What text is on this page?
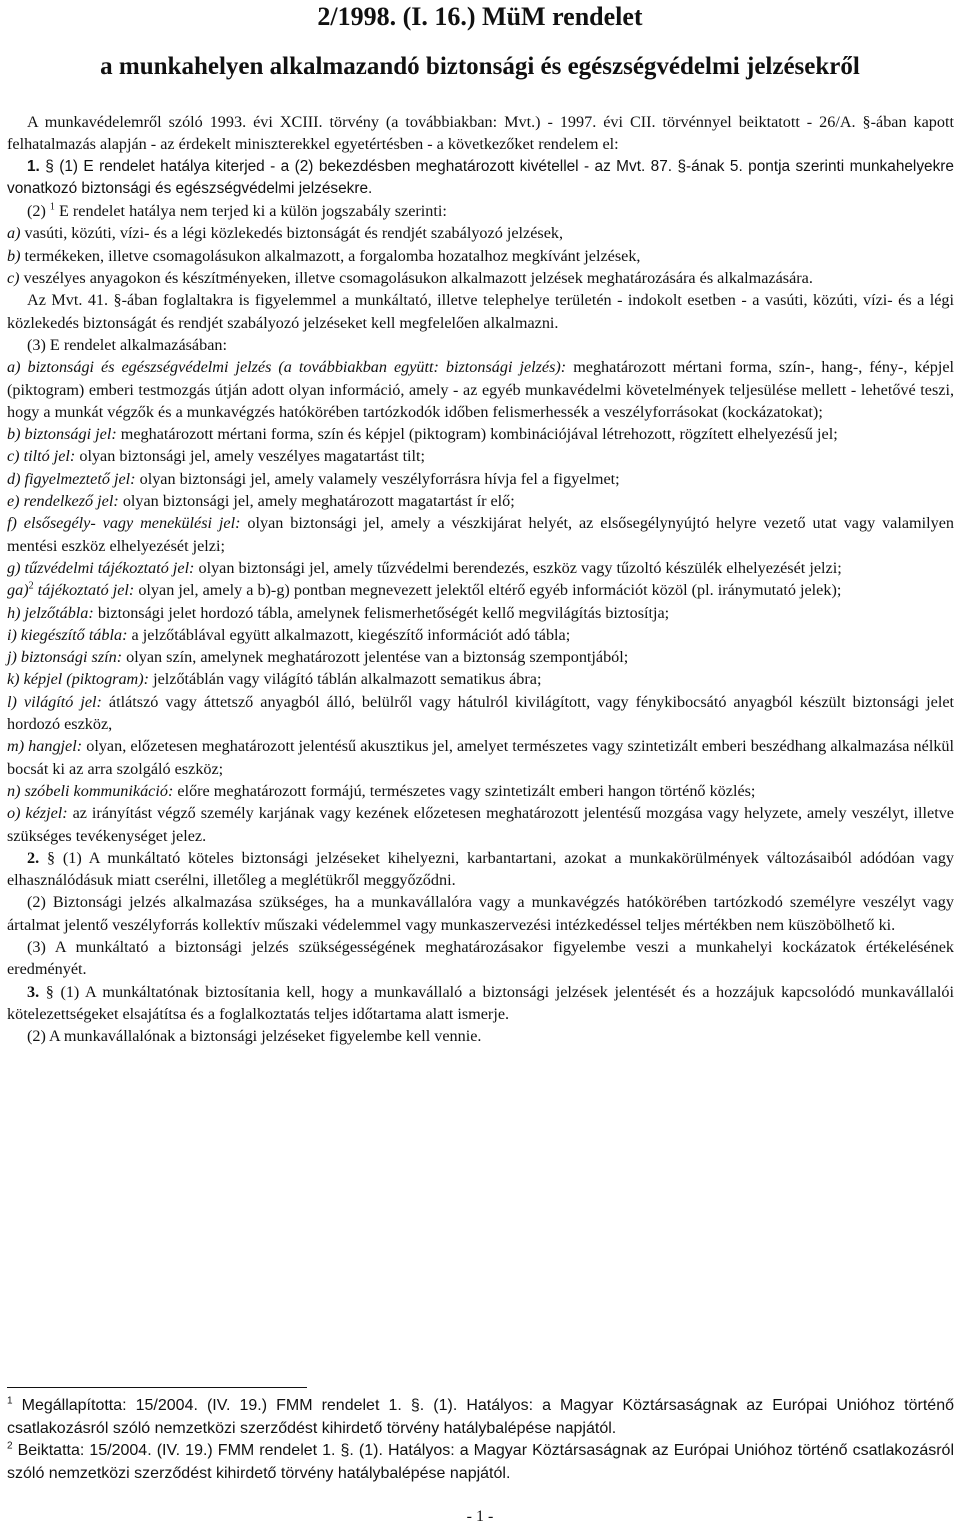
2/1998. (I. 16.) MüM rendelet
a munkahelyen alkalmazandó biztonsági és egészségvédelmi jelzésekről

A munkavédelemről szóló 1993. évi XCIII. törvény (a továbbiakban: Mvt.) - 1997. évi CII. törvénnyel beiktatott - 26/A. §-ában kapott felhatalmazás alapján - az érdekelt miniszterekkel egyetértésben - a következőket rendelem el:

1. § (1) E rendelet hatálya kiterjed - a (2) bekezdésben meghatározott kivétellel - az Mvt. 87. §-ának 5. pontja szerinti munkahelyekre vonatkozó biztonsági és egészségvédelmi jelzésekre.

(2) $^1$ E rendelet hatálya nem terjed ki a külön jogszabály szerinti:

a) vasúti, közúti, vízi- és a légi közlekedés biztonságát és rendjét szabályozó jelzések,

b) termékeken, illetve csomagolásukon alkalmazott, a forgalomba hozatalhoz megkívánt jelzések,

c) veszélyes anyagokon és készítményeken, illetve csomagolásukon alkalmazott jelzések meghatározására és alkalmazására.

Az Mvt. 41. §-ában foglaltakra is figyelemmel a munkáltató, illetve telephelye területén - indokolt esetben - a vasúti, közúti, vízi- és a légi közlekedés biztonságát és rendjét szabályozó jelzéseket kell megfelelően alkalmazni.

(3) E rendelet alkalmazásában:

a) biztonsági és egészségvédelmi jelzés (a továbbiakban együtt: biztonsági jelzés): meghatározott mértani forma, szín-, hang-, fény-, képjel (piktogram) emberi testmozgás útján adott olyan információ, amely - az egyéb munkavédelmi követelmények teljesülése mellett - lehetővé teszi, hogy a munkát végzők és a munkavégzés hatókörében tartózkodók időben felismerhessék a veszélyforrásokat (kockázatokat);

b) biztonsági jel: meghatározott mértani forma, szín és képjel (piktogram) kombinációjával létrehozott, rögzített elhelyezésű jel;

c) tiltó jel: olyan biztonsági jel, amely veszélyes magatartást tilt;

d) figyelmeztető jel: olyan biztonsági jel, amely valamely veszélyforrásra hívja fel a figyelmet;

e) rendelkező jel: olyan biztonsági jel, amely meghatározott magatartást ír elő;

f) elsősegély- vagy menekülési jel: olyan biztonsági jel, amely a vészkijárat helyét, az elsősegélynyújtó helyre vezető utat vagy valamilyen mentési eszköz elhelyezését jelzi;

g) tűzvédelmi tájékoztató jel: olyan biztonsági jel, amely tűzvédelmi berendezés, eszköz vagy tűzoltó készülék elhelyezését jelzi;

ga)$^2$ tájékoztató jel: olyan jel, amely a b)-g) pontban megnevezett jelektől eltérő egyéb információt közöl (pl. iránymutató jelek);

h) jelzőtábla: biztonsági jelet hordozó tábla, amelynek felismerhetőségét kellő megvilágítás biztosítja;

i) kiegészítő tábla: a jelzőtáblával együtt alkalmazott, kiegészítő információt adó tábla;

j) biztonsági szín: olyan szín, amelynek meghatározott jelentése van a biztonság szempontjából;

k) képjel (piktogram): jelzőtáblán vagy világító táblán alkalmazott sematikus ábra;

l) világító jel: átlátszó vagy áttetsző anyagból álló, belülről vagy hátulról kivilágított, vagy fénykibocsátó anyagból készült biztonsági jelet hordozó eszköz,

m) hangjel: olyan, előzetesen meghatározott jelentésű akusztikus jel, amelyet természetes vagy szintetizált emberi beszédhang alkalmazása nélkül bocsát ki az arra szolgáló eszköz;

n) szóbeli kommunikáció: előre meghatározott formájú, természetes vagy szintetizált emberi hangon történő közlés;

o) kézjel: az irányítást végző személy karjának vagy kezének előzetesen meghatározott jelentésű mozgása vagy helyzete, amely veszélyt, illetve szükséges tevékenységet jelez.

2. § (1) A munkáltató köteles biztonsági jelzéseket kihelyezni, karbantartani, azokat a munkakörülmények változásaiból adódóan vagy elhasználódásuk miatt cserélni, illetőleg a meglétükről meggyőződni.

(2) Biztonsági jelzés alkalmazása szükséges, ha a munkavállalóra vagy a munkavégzés hatókörében tartózkodó személyre veszélyt vagy ártalmat jelentő veszélyforrás kollektív műszaki védelemmel vagy munkaszervezési intézkedéssel teljes mértékben nem küszöbölhető ki.

(3) A munkáltató a biztonsági jelzés szükségességének meghatározásakor figyelembe veszi a munkahelyi kockázatok értékelésének eredményét.

3. § (1) A munkáltatónak biztosítania kell, hogy a munkavállaló a biztonsági jelzések jelentését és a hozzájuk kapcsolódó munkavállalói kötelezettségeket elsajátítsa és a foglalkoztatás teljes időtartama alatt ismerje.

(2) A munkavállalónak a biztonsági jelzéseket figyelembe kell vennie.

$^1$ Megállapította: 15/2004. (IV. 19.) FMM rendelet 1. §. (1). Hatályos: a Magyar Köztársaságnak az Európai Unióhoz történő csatlakozásról szóló nemzetközi szerződést kihirdető törvény hatálybalépése napjától.

$^2$ Beiktatta: 15/2004. (IV. 19.) FMM rendelet 1. §. (1). Hatályos: a Magyar Köztársaságnak az Európai Unióhoz történő csatlakozásról szóló nemzetközi szerződést kihirdető törvény hatálybalépése napjától.

- 1 -
